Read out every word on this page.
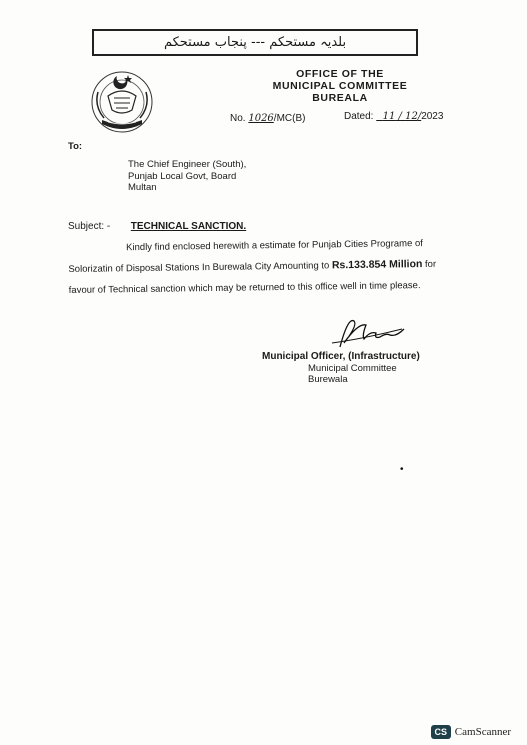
بلدیہ مستحکم --- پنجاب مستحکم
OFFICE OF THE
MUNICIPAL COMMITTEE
BUREALA
No. 1026/MC(B)	Dated: 11 / 12/2023
To:
The Chief Engineer (South),
Punjab Local Govt, Board
Multan
Subject: - TECHNICAL SANCTION.
Kindly find enclosed herewith a estimate for Punjab Cities Programe of Solorizatin of Disposal Stations In Burewala City Amounting to Rs.133.854 Million for favour of Technical sanction which may be returned to this office well in time please.
Municipal Officer, (Infrastructure)
Municipal Committee
Burewala
•
CS CamScanner
